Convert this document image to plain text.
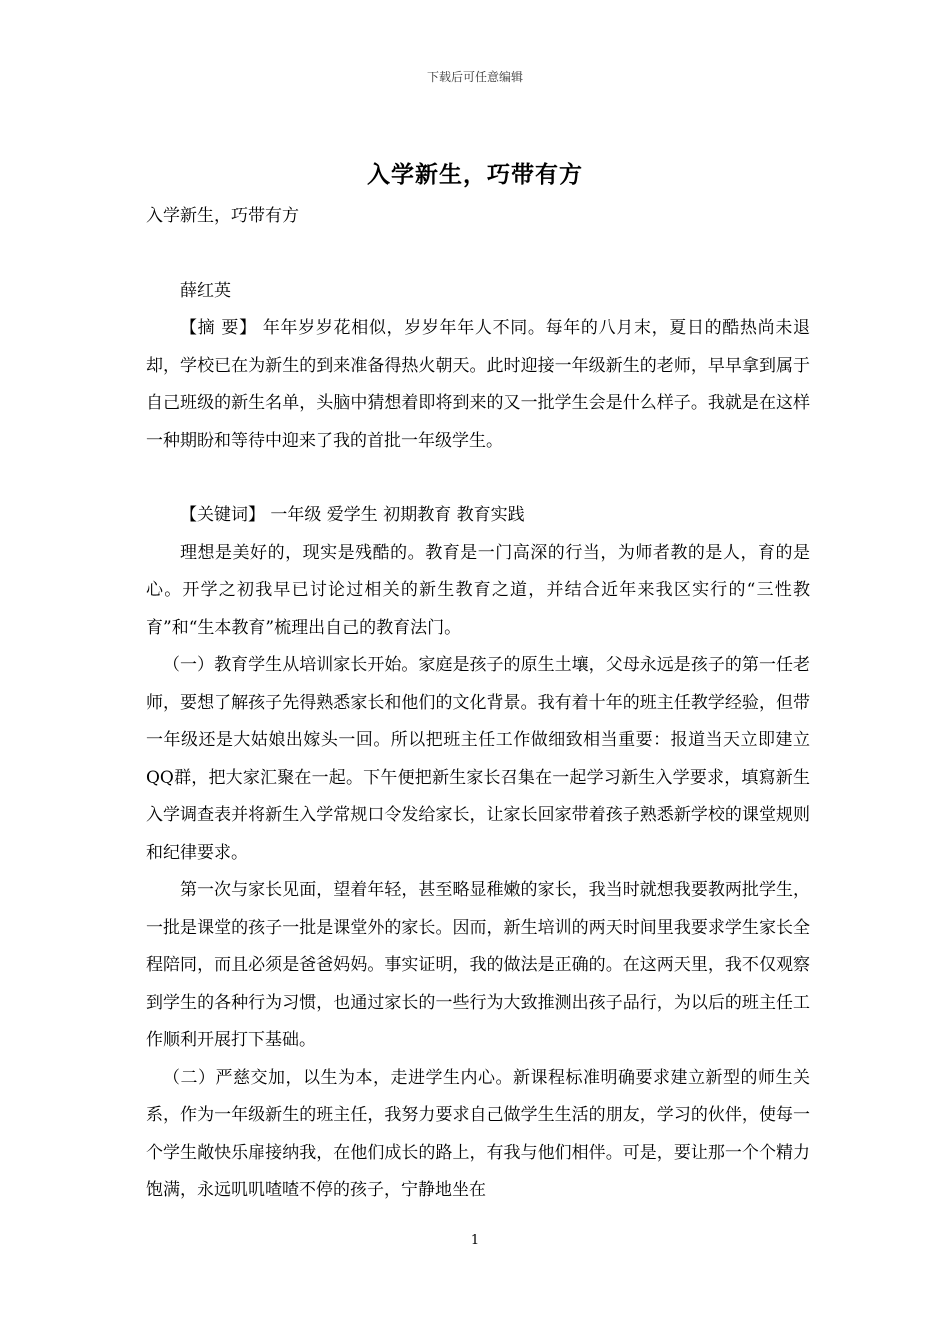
下载后可任意编辑
入学新生，巧带有方

入学新生，巧带有方

薛红英

【摘 要】 年年岁岁花相似，岁岁年年人不同。每年的八月末，夏日的酷热尚未退却，学校已在为新生的到来准备得热火朝天。此时迎接一年级新生的老师，早早拿到属于自己班级的新生名单，头脑中猜想着即将到来的又一批学生会是什么样子。我就是在这样一种期盼和等待中迎来了我的首批一年级学生。

【关键词】 一年级 爱学生 初期教育 教育实践

理想是美好的，现实是残酷的。教育是一门高深的行当，为师者教的是人，育的是心。开学之初我早已讨论过相关的新生教育之道，并结合近年来我区实行的“三性教育”和“生本教育”梳理出自己的教育法门。

（一）教育学生从培训家长开始。家庭是孩子的原生土壤，父母永远是孩子的第一任老师，要想了解孩子先得熟悉家长和他们的文化背景。我有着十年的班主任教学经验，但带一年级还是大姑娘出嫁头一回。所以把班主任工作做细致相当重要：报道当天立即建立QQ群，把大家汇聚在一起。下午便把新生家长召集在一起学习新生入学要求，填寫新生入学调查表并将新生入学常规口令发给家长，让家长回家带着孩子熟悉新学校的课堂规则和纪律要求。

第一次与家长见面，望着年轻，甚至略显稚嫩的家长，我当时就想我要教两批学生，一批是课堂的孩子一批是课堂外的家长。因而，新生培训的两天时间里我要求学生家长全程陪同，而且必须是爸爸妈妈。事实证明，我的做法是正确的。在这两天里，我不仅观察到学生的各种行为习惯，也通过家长的一些行为大致推测出孩子品行，为以后的班主任工作顺利开展打下基础。

（二）严慈交加，以生为本，走进学生内心。新课程标准明确要求建立新型的师生关系，作为一年级新生的班主任，我努力要求自己做学生生活的朋友，学习的伙伴，使每一个学生敞快乐扉接纳我，在他们成长的路上，有我与他们相伴。可是，要让那一个个精力饱满，永远叽叽喳喳不停的孩子，宁静地坐在

1
